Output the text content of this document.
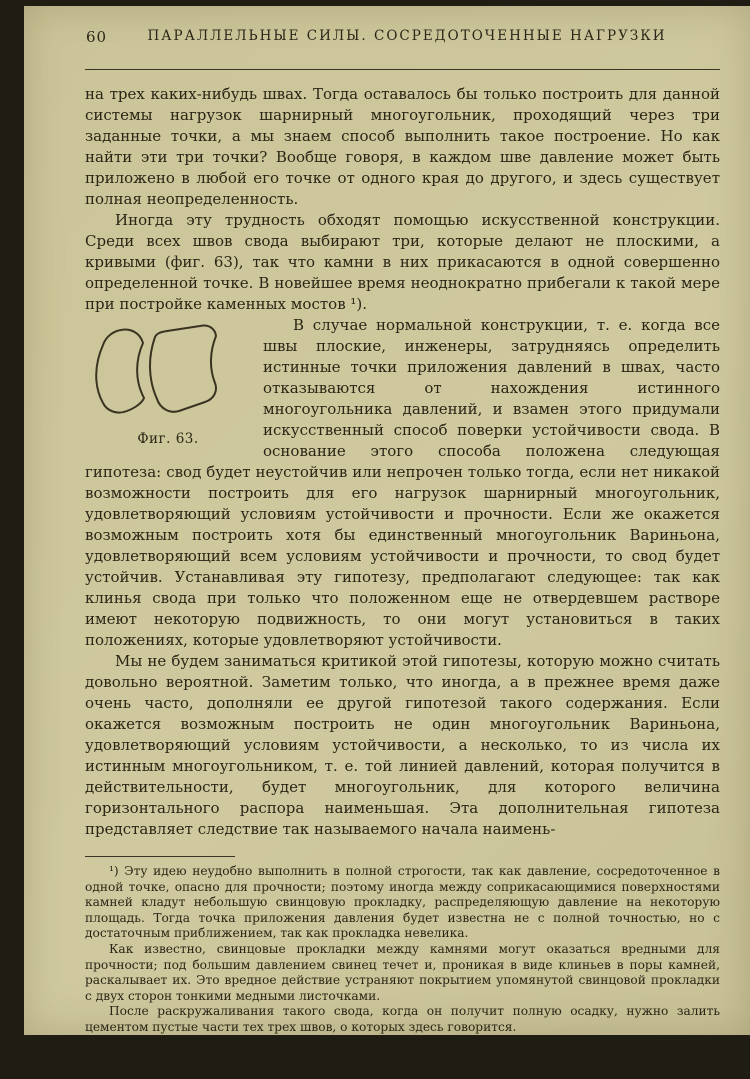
60	ПАРАЛЛЕЛЬНЫЕ СИЛЫ. СОСРЕДОТОЧЕННЫЕ НАГРУЗКИ

на трех каких-нибудь швах. Тогда оставалось бы только построить для данной системы нагрузок шарнирный многоугольник, проходящий через три заданные точки, а мы знаем способ выполнить такое построение. Но как найти эти три точки? Вообще говоря, в каждом шве давление может быть приложено в любой его точке от одного края до другого, и здесь существует полная неопределенность.

Иногда эту трудность обходят помощью искусственной конструкции. Среди всех швов свода выбирают три, которые делают не плоскими, а кривыми (фиг. 63), так что камни в них прикасаются в одной совершенно определенной точке. В новейшее время неоднократно прибегали к такой мере при постройке каменных мостов ¹).

Фиг. 63.

В случае нормальной конструкции, т. е. когда все швы плоские, инженеры, затрудняясь определить истинные точки приложения давлений в швах, часто отказываются от нахождения истинного многоугольника давлений, и взамен этого придумали искусственный способ поверки устойчивости свода. В основание этого способа положена следующая гипотеза: свод будет неустойчив или непрочен только тогда, если нет никакой возможности построить для его нагрузок шарнирный многоугольник, удовлетворяющий условиям устойчивости и прочности. Если же окажется возможным построить хотя бы единственный многоугольник Вариньона, удовлетворяющий всем условиям устойчивости и прочности, то свод будет устойчив. Устанавливая эту гипотезу, предполагают следующее: так как клинья свода при только что положенном еще не отвердевшем растворе имеют некоторую подвижность, то они могут установиться в таких положениях, которые удовлетворяют устойчивости.

Мы не будем заниматься критикой этой гипотезы, которую можно считать довольно вероятной. Заметим только, что иногда, а в прежнее время даже очень часто, дополняли ее другой гипотезой такого содержания. Если окажется возможным построить не один многоугольник Вариньона, удовлетворяющий условиям устойчивости, а несколько, то из числа их истинным многоугольником, т. е. той линией давлений, которая получится в действительности, будет многоугольник, для которого величина горизонтального распора наименьшая. Эта дополнительная гипотеза представляет следствие так называемого начала наимень-

¹) Эту идею неудобно выполнить в полной строгости, так как давление, сосредоточенное в одной точке, опасно для прочности; поэтому иногда между соприкасающимися поверхностями камней кладут небольшую свинцовую прокладку, распределяющую давление на некоторую площадь. Тогда точка приложения давления будет известна не с полной точностью, но с достаточным приближением, так как прокладка невелика.

Как известно, свинцовые прокладки между камнями могут оказаться вредными для прочности; под большим давлением свинец течет и, проникая в виде клиньев в поры камней, раскалывает их. Это вредное действие устраняют покрытием упомянутой свинцовой прокладки с двух сторон тонкими медными листочками.

После раскружаливания такого свода, когда он получит полную осадку, нужно залить цементом пустые части тех трех швов, о которых здесь говорится.
